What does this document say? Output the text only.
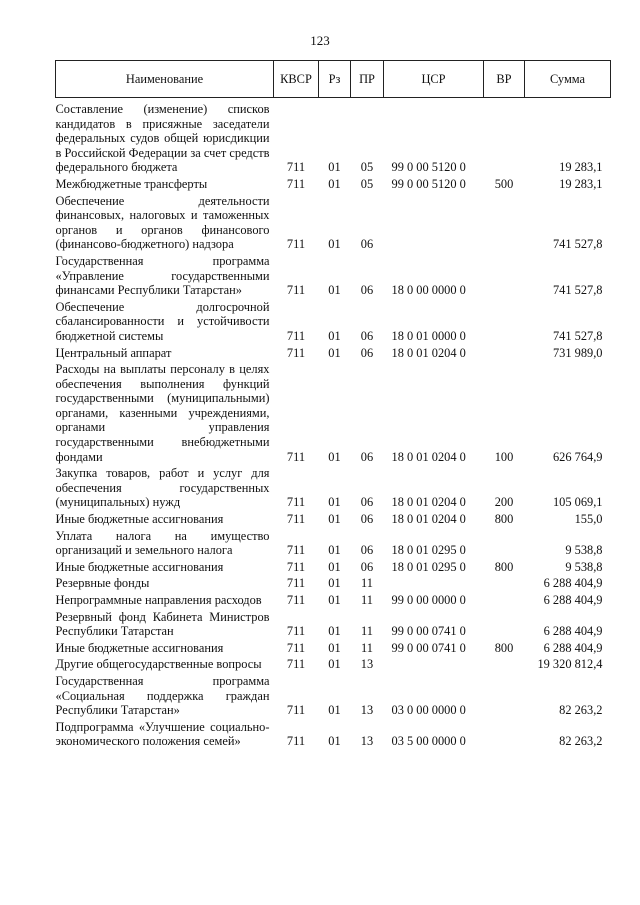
123
Наименование	КВСР	Рз	ПР	ЦСР	ВР	Сумма
Составление (изменение) списков кандидатов в присяжные заседатели федеральных судов общей юрисдикции в Российской Федерации за счет средств федерального бюджета	711	01	05	99 0 00 5120 0		19 283,1
Межбюджетные трансферты	711	01	05	99 0 00 5120 0	500	19 283,1
Обеспечение деятельности финансовых, налоговых и таможенных органов и органов финансового (финансово-бюджетного) надзора	711	01	06			741 527,8
Государственная программа «Управление государственными финансами Республики Татарстан»	711	01	06	18 0 00 0000 0		741 527,8
Обеспечение долгосрочной сбалансированности и устойчивости бюджетной системы	711	01	06	18 0 01 0000 0		741 527,8
Центральный аппарат	711	01	06	18 0 01 0204 0		731 989,0
Расходы на выплаты персоналу в целях обеспечения выполнения функций государственными (муниципальными) органами, казенными учреждениями, органами управления государственными внебюджетными фондами	711	01	06	18 0 01 0204 0	100	626 764,9
Закупка товаров, работ и услуг для обеспечения государственных (муниципальных) нужд	711	01	06	18 0 01 0204 0	200	105 069,1
Иные бюджетные ассигнования	711	01	06	18 0 01 0204 0	800	155,0
Уплата налога на имущество организаций и земельного налога	711	01	06	18 0 01 0295 0		9 538,8
Иные бюджетные ассигнования	711	01	06	18 0 01 0295 0	800	9 538,8
Резервные фонды	711	01	11			6 288 404,9
Непрограммные направления расходов	711	01	11	99 0 00 0000 0		6 288 404,9
Резервный фонд Кабинета Министров Республики Татарстан	711	01	11	99 0 00 0741 0		6 288 404,9
Иные бюджетные ассигнования	711	01	11	99 0 00 0741 0	800	6 288 404,9
Другие общегосударственные вопросы	711	01	13			19 320 812,4
Государственная программа «Социальная поддержка граждан Республики Татарстан»	711	01	13	03 0 00 0000 0		82 263,2
Подпрограмма «Улучшение социально-экономического положения семей»	711	01	13	03 5 00 0000 0		82 263,2
